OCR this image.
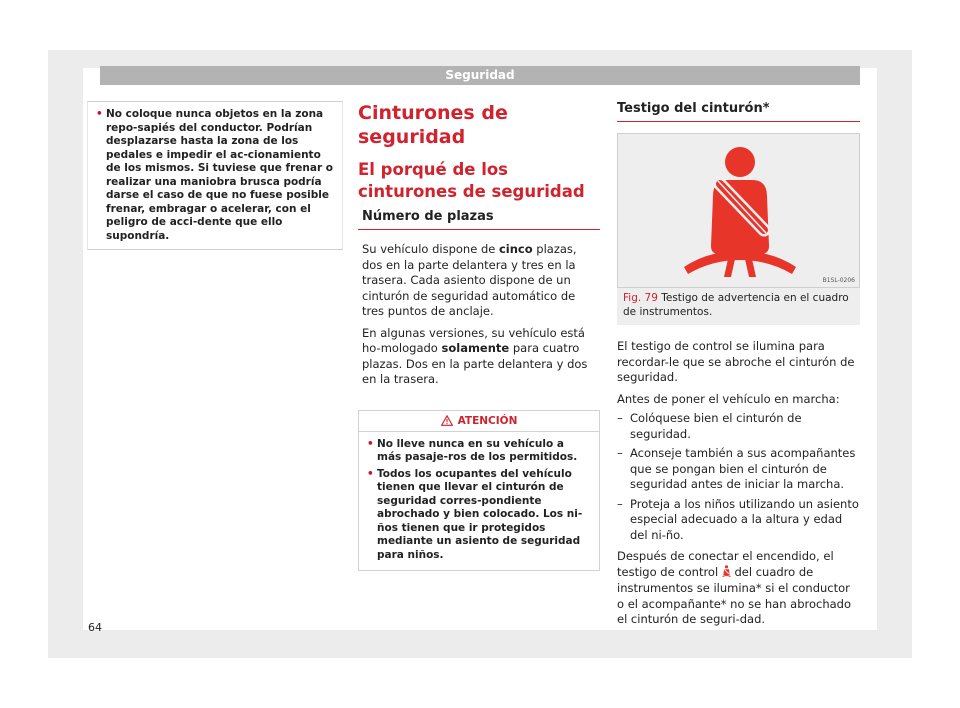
Seguridad

• No coloque nunca objetos en la zona repo-sapiés del conductor. Podrían desplazarse hasta la zona de los pedales e impedir el ac-cionamiento de los mismos. Si tuviese que frenar o realizar una maniobra brusca podría darse el caso de que no fuese posible frenar, embragar o acelerar, con el peligro de acci-dente que ello supondría.

Cinturones de seguridad
El porqué de los cinturones de seguridad
Número de plazas

Su vehículo dispone de cinco plazas, dos en la parte delantera y tres en la trasera. Cada asiento dispone de un cinturón de seguridad automático de tres puntos de anclaje.

En algunas versiones, su vehículo está ho-mologado solamente para cuatro plazas. Dos en la parte delantera y dos en la trasera.

ATENCIÓN

• No lleve nunca en su vehículo a más pasaje-ros de los permitidos.

• Todos los ocupantes del vehículo tienen que llevar el cinturón de seguridad corres-pondiente abrochado y bien colocado. Los ni-ños tienen que ir protegidos mediante un asiento de seguridad para niños.

Testigo del cinturón*
B1SL-0206
Fig. 79 Testigo de advertencia en el cuadro de instrumentos.

El testigo de control se ilumina para recordar-le que se abroche el cinturón de seguridad.

Antes de poner el vehículo en marcha:

– Colóquese bien el cinturón de seguridad.

– Aconseje también a sus acompañantes que se pongan bien el cinturón de seguridad antes de iniciar la marcha.

– Proteja a los niños utilizando un asiento especial adecuado a la altura y edad del ni-ño.

Después de conectar el encendido, el testigo de control  del cuadro de instrumentos se ilumina* si el conductor o el acompañante* no se han abrochado el cinturón de seguri-dad.

64
